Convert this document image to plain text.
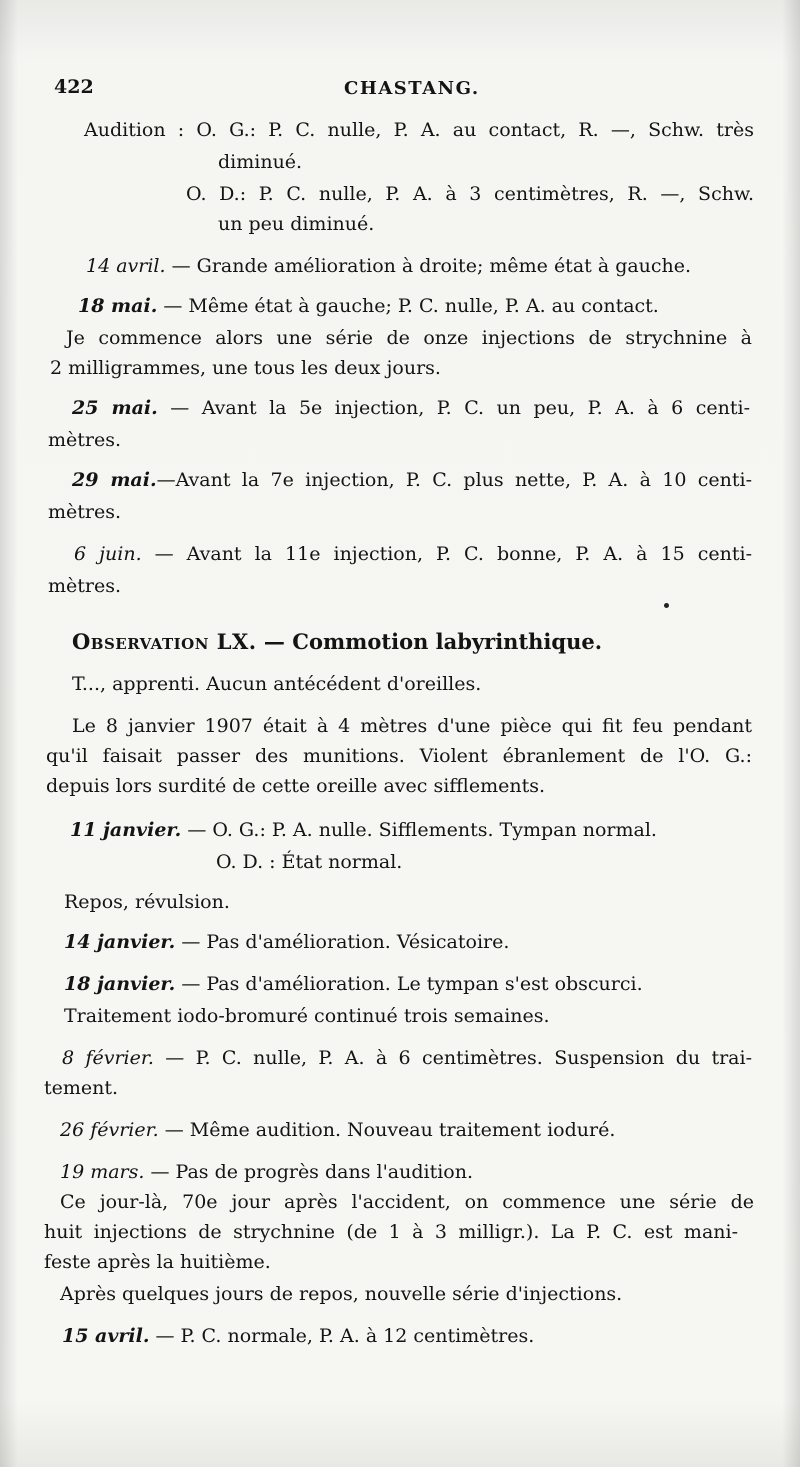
422	CHASTANG.
Audition : O. G.: P. C. nulle, P. A. au contact, R. —, Schw. très
diminué.
O. D.: P. C. nulle, P. A. à 3 centimètres, R. —, Schw.
un peu diminué.
14 avril. — Grande amélioration à droite; même état à gauche.
18 mai. — Même état à gauche; P. C. nulle, P. A. au contact.
Je commence alors une série de onze injections de strychnine à
2 milligrammes, une tous les deux jours.
25 mai. — Avant la 5e injection, P. C. un peu, P. A. à 6 centi-
mètres.
29 mai.—Avant la 7e injection, P. C. plus nette, P. A. à 10 centi-
mètres.
6 juin. — Avant la 11e injection, P. C. bonne, P. A. à 15 centi-
mètres.
Observation LX. — Commotion labyrinthique.
T..., apprenti. Aucun antécédent d'oreilles.
Le 8 janvier 1907 était à 4 mètres d'une pièce qui fit feu pendant
qu'il faisait passer des munitions. Violent ébranlement de l'O. G.:
depuis lors surdité de cette oreille avec sifflements.
11 janvier. — O. G.: P. A. nulle. Sifflements. Tympan normal.
O. D. : État normal.
Repos, révulsion.
14 janvier. — Pas d'amélioration. Vésicatoire.
18 janvier. — Pas d'amélioration. Le tympan s'est obscurci.
Traitement iodo-bromuré continué trois semaines.
8 février. — P. C. nulle, P. A. à 6 centimètres. Suspension du trai-
tement.
26 février. — Même audition. Nouveau traitement ioduré.
19 mars. — Pas de progrès dans l'audition.
Ce jour-là, 70e jour après l'accident, on commence une série de
huit injections de strychnine (de 1 à 3 milligr.). La P. C. est mani-
feste après la huitième.
Après quelques jours de repos, nouvelle série d'injections.
15 avril. — P. C. normale, P. A. à 12 centimètres.
